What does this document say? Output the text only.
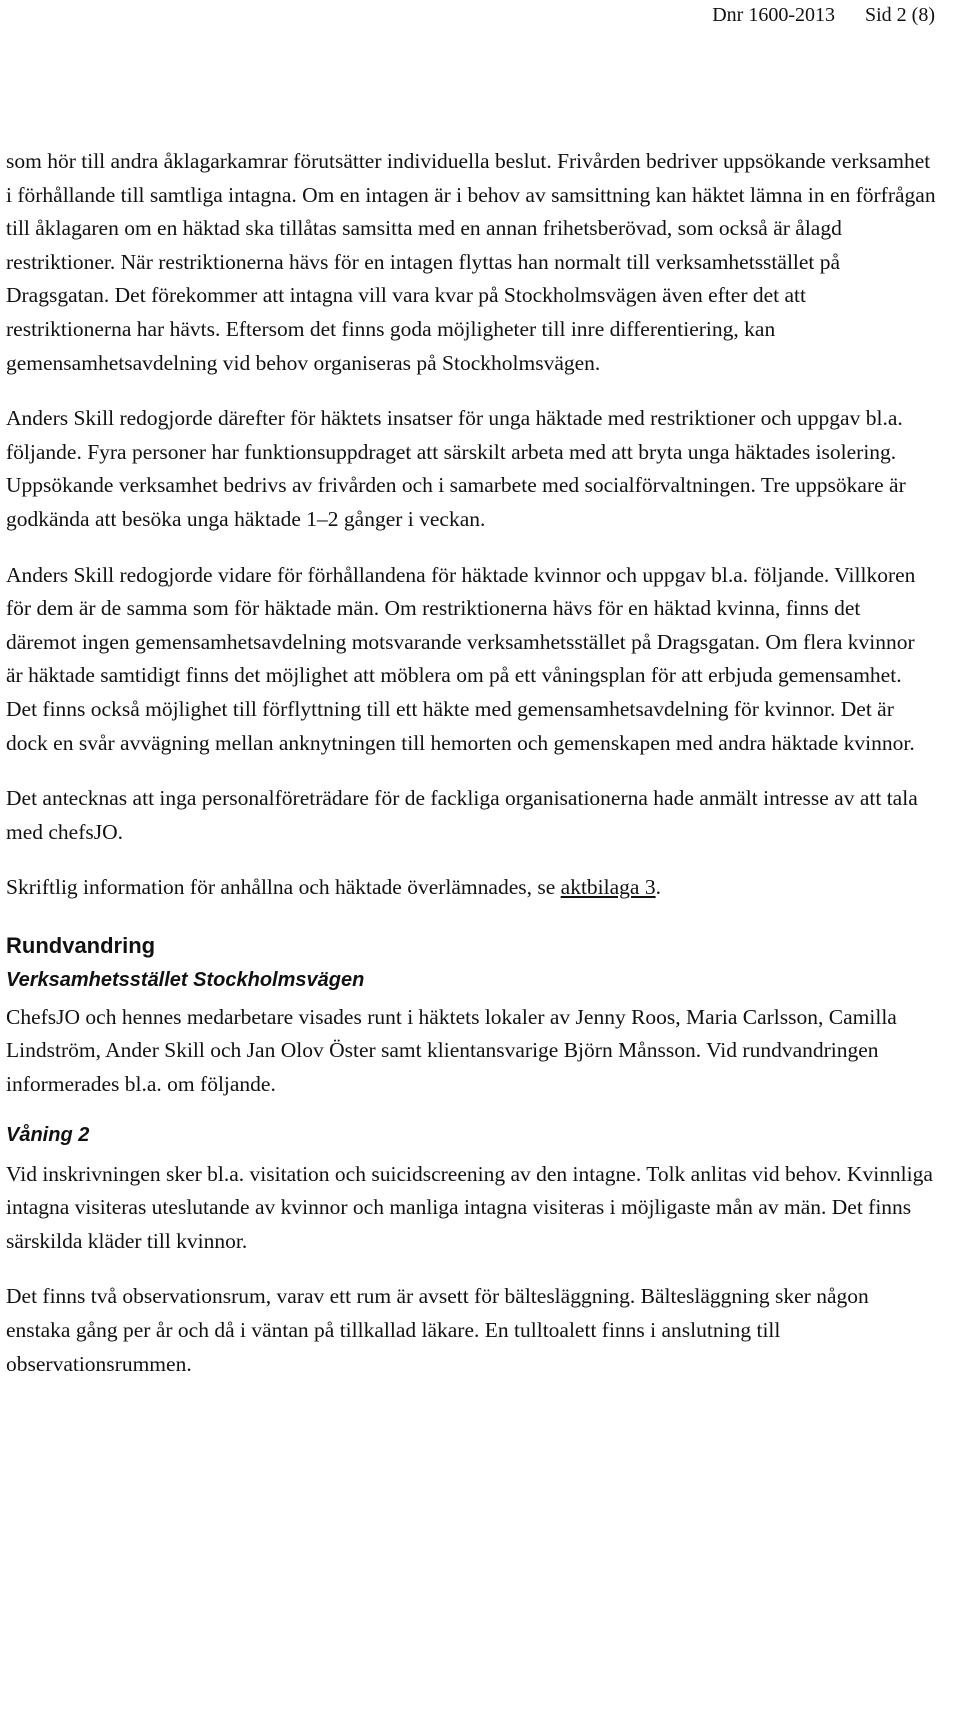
Dnr 1600-2013 Sid 2 (8)

som hör till andra åklagarkamrar förutsätter individuella beslut. Frivården bedriver uppsökande verksamhet i förhållande till samtliga intagna. Om en intagen är i behov av samsittning kan häktet lämna in en förfrågan till åklagaren om en häktad ska tillåtas samsitta med en annan frihetsberövad, som också är ålagd restriktioner. När restriktionerna hävs för en intagen flyttas han normalt till verksamhetsstället på Dragsgatan. Det förekommer att intagna vill vara kvar på Stockholmsvägen även efter det att restriktionerna har hävts. Eftersom det finns goda möjligheter till inre differentiering, kan gemensamhetsavdelning vid behov organiseras på Stockholmsvägen.

Anders Skill redogjorde därefter för häktets insatser för unga häktade med restriktioner och uppgav bl.a. följande. Fyra personer har funktionsuppdraget att särskilt arbeta med att bryta unga häktades isolering. Uppsökande verksamhet bedrivs av frivården och i samarbete med socialförvaltningen. Tre uppsökare är godkända att besöka unga häktade 1–2 gånger i veckan.

Anders Skill redogjorde vidare för förhållandena för häktade kvinnor och uppgav bl.a. följande. Villkoren för dem är de samma som för häktade män. Om restriktionerna hävs för en häktad kvinna, finns det däremot ingen gemensamhetsavdelning motsvarande verksamhetsstället på Dragsgatan. Om flera kvinnor är häktade samtidigt finns det möjlighet att möblera om på ett våningsplan för att erbjuda gemensamhet. Det finns också möjlighet till förflyttning till ett häkte med gemensamhetsavdelning för kvinnor. Det är dock en svår avvägning mellan anknytningen till hemorten och gemenskapen med andra häktade kvinnor.

Det antecknas att inga personalföreträdare för de fackliga organisationerna hade anmält intresse av att tala med chefsJO.

Skriftlig information för anhållna och häktade överlämnades, se aktbilaga 3.

Rundvandring
Verksamhetsstället Stockholmsvägen

ChefsJO och hennes medarbetare visades runt i häktets lokaler av Jenny Roos, Maria Carlsson, Camilla Lindström, Ander Skill och Jan Olov Öster samt klientansvarige Björn Månsson. Vid rundvandringen informerades bl.a. om följande.

Våning 2

Vid inskrivningen sker bl.a. visitation och suicidscreening av den intagne. Tolk anlitas vid behov. Kvinnliga intagna visiteras uteslutande av kvinnor och manliga intagna visiteras i möjligaste mån av män. Det finns särskilda kläder till kvinnor.

Det finns två observationsrum, varav ett rum är avsett för bältesläggning. Bältesläggning sker någon enstaka gång per år och då i väntan på tillkallad läkare. En tulltoalett finns i anslutning till observationsrummen.
